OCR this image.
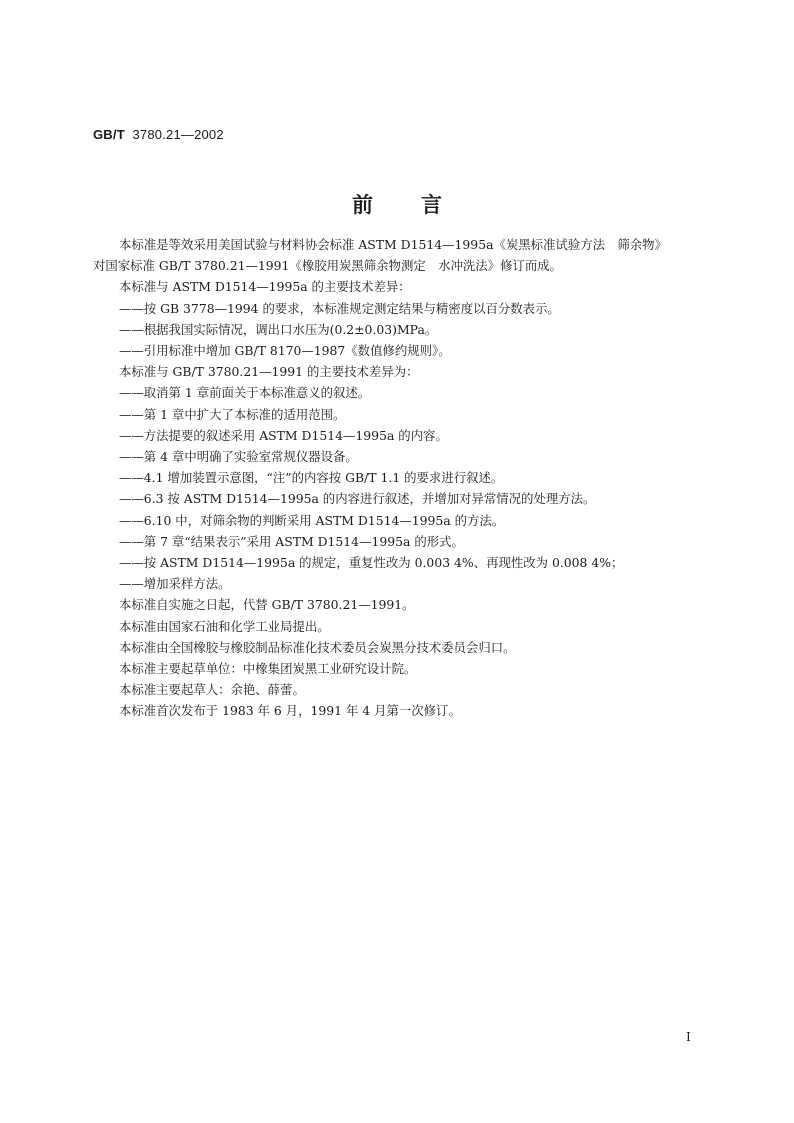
GB/T 3780.21—2002
前言

本标准是等效采用美国试验与材料协会标准 ASTM D1514—1995a《炭黑标准试验方法　筛余物》

对国家标准 GB/T 3780.21—1991《橡胶用炭黑筛余物测定　水冲洗法》修订而成。

本标准与 ASTM D1514—1995a 的主要技术差异：

——按 GB 3778—1994 的要求，本标准规定测定结果与精密度以百分数表示。

——根据我国实际情况，调出口水压为(0.2±0.03)MPa。

——引用标准中增加 GB/T 8170—1987《数值修约规则》。

本标准与 GB/T 3780.21—1991 的主要技术差异为：

——取消第 1 章前面关于本标准意义的叙述。

——第 1 章中扩大了本标准的适用范围。

——方法提要的叙述采用 ASTM D1514—1995a 的内容。

——第 4 章中明确了实验室常规仪器设备。

——4.1 增加装置示意图，“注”的内容按 GB/T 1.1 的要求进行叙述。

——6.3 按 ASTM D1514—1995a 的内容进行叙述，并增加对异常情况的处理方法。

——6.10 中，对筛余物的判断采用 ASTM D1514—1995a 的方法。

——第 7 章“结果表示”采用 ASTM D1514—1995a 的形式。

——按 ASTM D1514—1995a 的规定，重复性改为 0.003 4%、再现性改为 0.008 4%；

——增加采样方法。

本标准自实施之日起，代替 GB/T 3780.21—1991。

本标准由国家石油和化学工业局提出。

本标准由全国橡胶与橡胶制品标准化技术委员会炭黑分技术委员会归口。

本标准主要起草单位：中橡集团炭黑工业研究设计院。

本标准主要起草人：余艳、薛蕾。

本标准首次发布于 1983 年 6 月，1991 年 4 月第一次修订。

I
